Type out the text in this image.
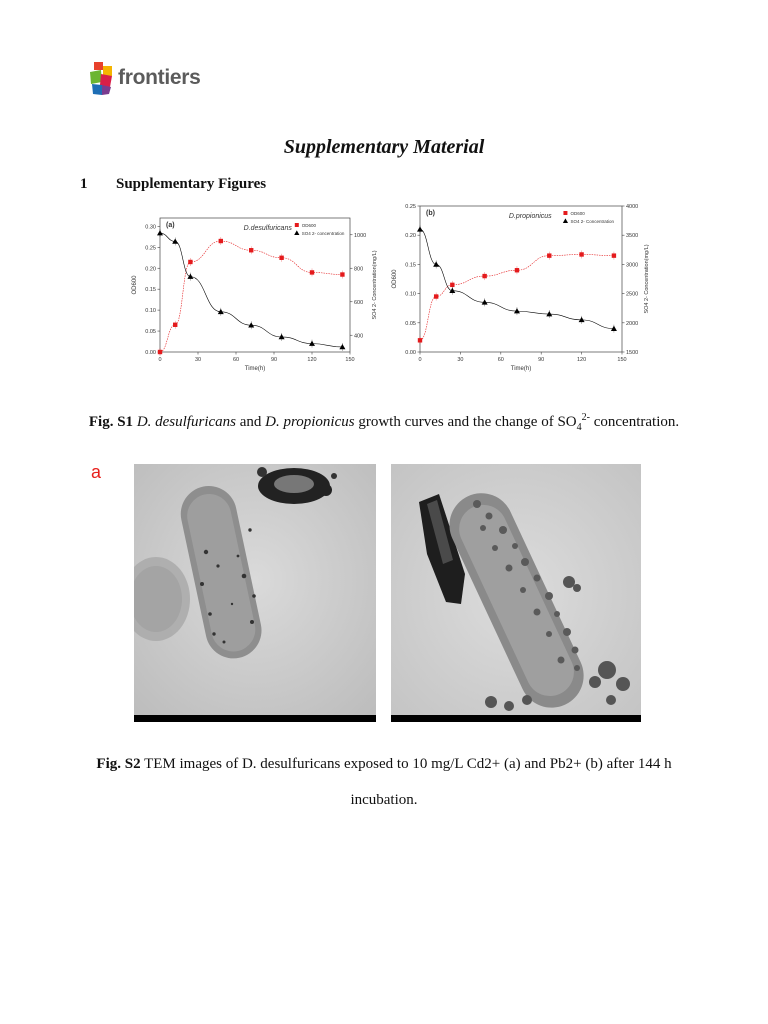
frontiers
Supplementary Material
1 Supplementary Figures
0	30	60	90	120	150
0.00
0.05
0.10
0.15
0.20
0.25
0.30
400
600
800
1000
Time(h)
OD600	SO4 2- Concentration(mg/L)
(a)	D.desulfuricans OD600
SO4 2- concentration
0	30	60	90	120	150
0.00
0.05
0.10
0.15
0.20
0.25
1500
2000
2500
3000
3500
4000
Time(h)
OD600	SO4 2- Concentration(mg/L)
(b)	D.propionicus	OD600
SO4 2- Concentration
Fig. S1 D. desulfuricans and D. propionicus growth curves and the change of $SO_4^{2-}$ concentration.
a
Fig. S2 TEM images of D. desulfuricans exposed to 10 mg/L Cd2+ (a) and Pb2+ (b) after 144 h
incubation.
